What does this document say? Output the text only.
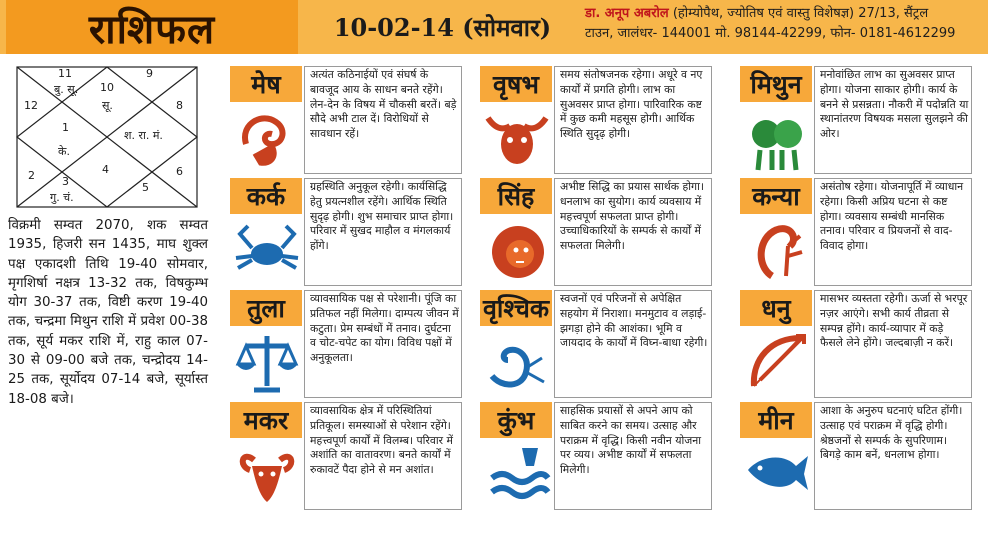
राशिफल	10-02-14 (सोमवार)	डा. अनूप अबरोल (होम्योपैथ, ज्योतिष एवं वास्तु विशेषज्ञ) 27/13, सैंट्रल
टाउन, जालंधर- 144001 मो. 98144-42299, फोन- 0181-4612299
11	9
बु. सू. 10
सू.
12	8
1
के.
श. रा. मं.
6
2	4
3
गु. चं.
5
विक्रमी सम्वत 2070, शक सम्वत 1935, हिजरी सन 1435, माघ शुक्ल पक्ष एकादशी तिथि 19-40 सोमवार, मृगशिर्षा नक्षत्र 13-32 तक, विषकुम्भ योग 30-37 तक, विष्टी करण 19-40 तक, चन्द्रमा मिथुन राशि में प्रवेश 00-38 तक, सूर्य मकर राशि में, राहु काल 07-30 से 09-00 बजे तक, चन्द्रोदय 14-25 तक, सूर्योदय 07-14 बजे, सूर्यास्त 18-08 बजे।
मेष	अत्यंत कठिनाईयों एवं संघर्ष के बावजूद आय के साधन बनते रहेंगे। लेन-देन के विषय में चौकसी बरतें। बड़े सौदे अभी टाल दें। विरोधियों से सावधान रहें।
वृषभ	समय संतोषजनक रहेगा। अधूरे व नए कार्यों में प्रगति होगी। लाभ का सुअवसर प्राप्त होगा। पारिवारिक कष्ट में कुछ कमी महसूस होगी। आर्थिक स्थिति सुदृढ़ होगी।
मिथुन	मनोवांछित लाभ का सुअवसर प्राप्त होगा। योजना साकार होगी। कार्य के बनने से प्रसन्नता। नौकरी में पदोन्नति या स्थानांतरण विषयक मसला सुलझने की ओर।
कर्क	ग्रहस्थिति अनुकूल रहेगी। कार्यसिद्धि हेतु प्रयत्नशील रहेंगे। आर्थिक स्थिति सुदृढ़ होगी। शुभ समाचार प्राप्त होगा। परिवार में सुखद माहौल व मंगलकार्य होंगे।
सिंह	अभीष्ट सिद्धि का प्रयास सार्थक होगा। धनलाभ का सुयोग। कार्य व्यवसाय में महत्त्वपूर्ण सफलता प्राप्त होगी। उच्चाधिकारियों के सम्पर्क से कार्यों में सफलता मिलेगी।
कन्या	असंतोष रहेगा। योजनापूर्ति में व्याधान रहेगा। किसी अप्रिय घटना से कष्ट होगा। व्यवसाय सम्बंधी मानसिक तनाव। परिवार व प्रियजनों से वाद-विवाद होगा।
तुला	व्यावसायिक पक्ष से परेशानी। पूंजि का प्रतिफल नहीं मिलेगा। दाम्पत्य जीवन में कटुता। प्रेम सम्बंधों में तनाव। दुर्घटना व चोट-चपेट का योग। विविध पक्षों में अनुकूलता।
वृश्चिक	स्वजनों एवं परिजनों से अपेक्षित सहयोग में निराशा। मनमुटाव व लड़ाई-झगड़ा होने की आशंका। भूमि व जायदाद के कार्यों में विघ्न-बाधा रहेगी।
धनु	मासभर व्यस्तता रहेगी। ऊर्जा से भरपूर नज़र आएंगे। सभी कार्य तीव्रता से सम्पन्न होंगे। कार्य-व्यापार में कड़े फैसले लेने होंगे। जल्दबाज़ी न करें।
मकर	व्यावसायिक क्षेत्र में परिस्थितियां प्रतिकूल। समस्याओं से परेशान रहेंगे। महत्त्वपूर्ण कार्यों में विलम्ब। परिवार में अशांति का वातावरण। बनते कार्यों में रुकावटें पैदा होने से मन अशांत।
कुंभ	साहसिक प्रयासों से अपने आप को साबित करने का समय। उत्साह और पराक्रम में वृद्धि। किसी नवीन योजना पर व्यय। अभीष्ट कार्यों में सफलता मिलेगी।
मीन	आशा के अनुरुप घटनाएं घटित होंगी। उत्साह एवं पराक्रम में वृद्धि होगी। श्रेष्ठजनों से सम्पर्क के सुपरिणाम। बिगड़े काम बनें, धनलाभ होगा।
